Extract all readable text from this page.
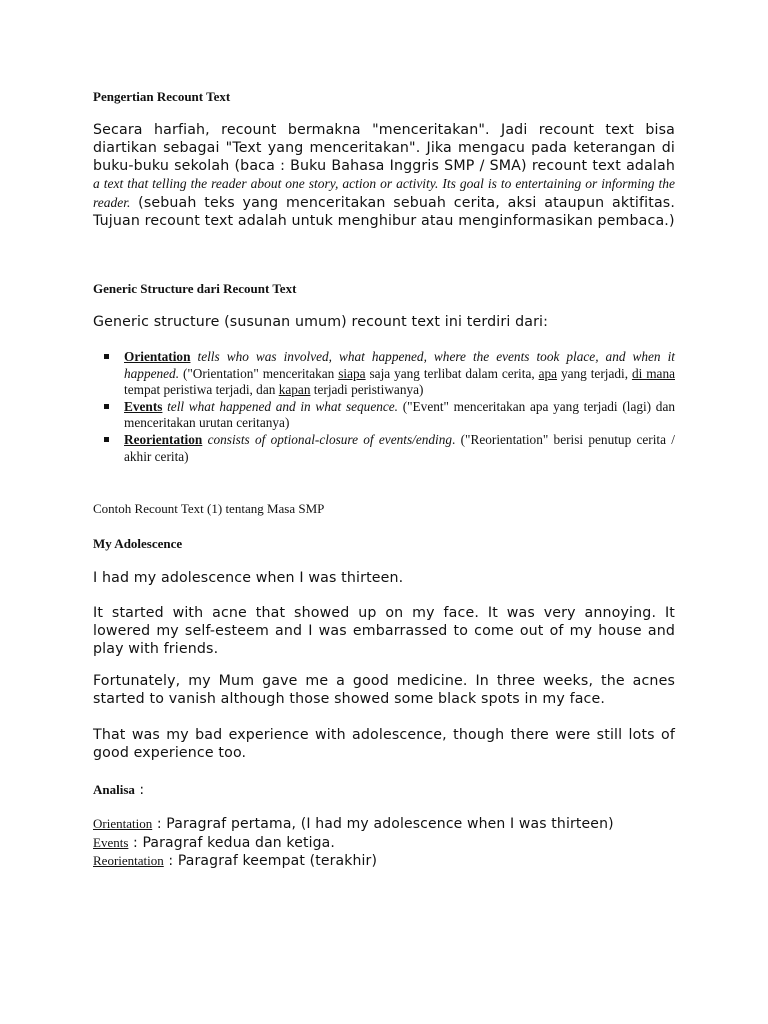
Pengertian Recount Text
Secara harfiah, recount bermakna "menceritakan". Jadi recount text bisa diartikan sebagai "Text yang menceritakan". Jika mengacu pada keterangan di buku-buku sekolah (baca : Buku Bahasa Inggris SMP / SMA) recount text adalah a text that telling the reader about one story, action or activity. Its goal is to entertaining or informing the reader. (sebuah teks yang menceritakan sebuah cerita, aksi ataupun aktifitas. Tujuan recount text adalah untuk menghibur atau menginformasikan pembaca.)
Generic Structure dari Recount Text
Generic structure (susunan umum) recount text ini terdiri dari:
Orientation tells who was involved, what happened, where the events took place, and when it happened. ("Orientation" menceritakan siapa saja yang terlibat dalam cerita, apa yang terjadi, di mana tempat peristiwa terjadi, dan kapan terjadi peristiwanya)
Events tell what happened and in what sequence. ("Event" menceritakan apa yang terjadi (lagi) dan menceritakan urutan ceritanya)
Reorientation consists of optional-closure of events/ending. ("Reorientation" berisi penutup cerita / akhir cerita)
Contoh Recount Text (1) tentang Masa SMP
My Adolescence
I had my adolescence when I was thirteen.
It started with acne that showed up on my face. It was very annoying. It lowered my self-esteem and I was embarrassed to come out of my house and play with friends.
Fortunately, my Mum gave me a good medicine. In three weeks, the acnes started to vanish although those showed some black spots in my face.
That was my bad experience with adolescence, though there were still lots of good experience too.
Analisa :
Orientation : Paragraf pertama, (I had my adolescence when I was thirteen)
Events : Paragraf kedua dan ketiga.
Reorientation : Paragraf keempat (terakhir)
